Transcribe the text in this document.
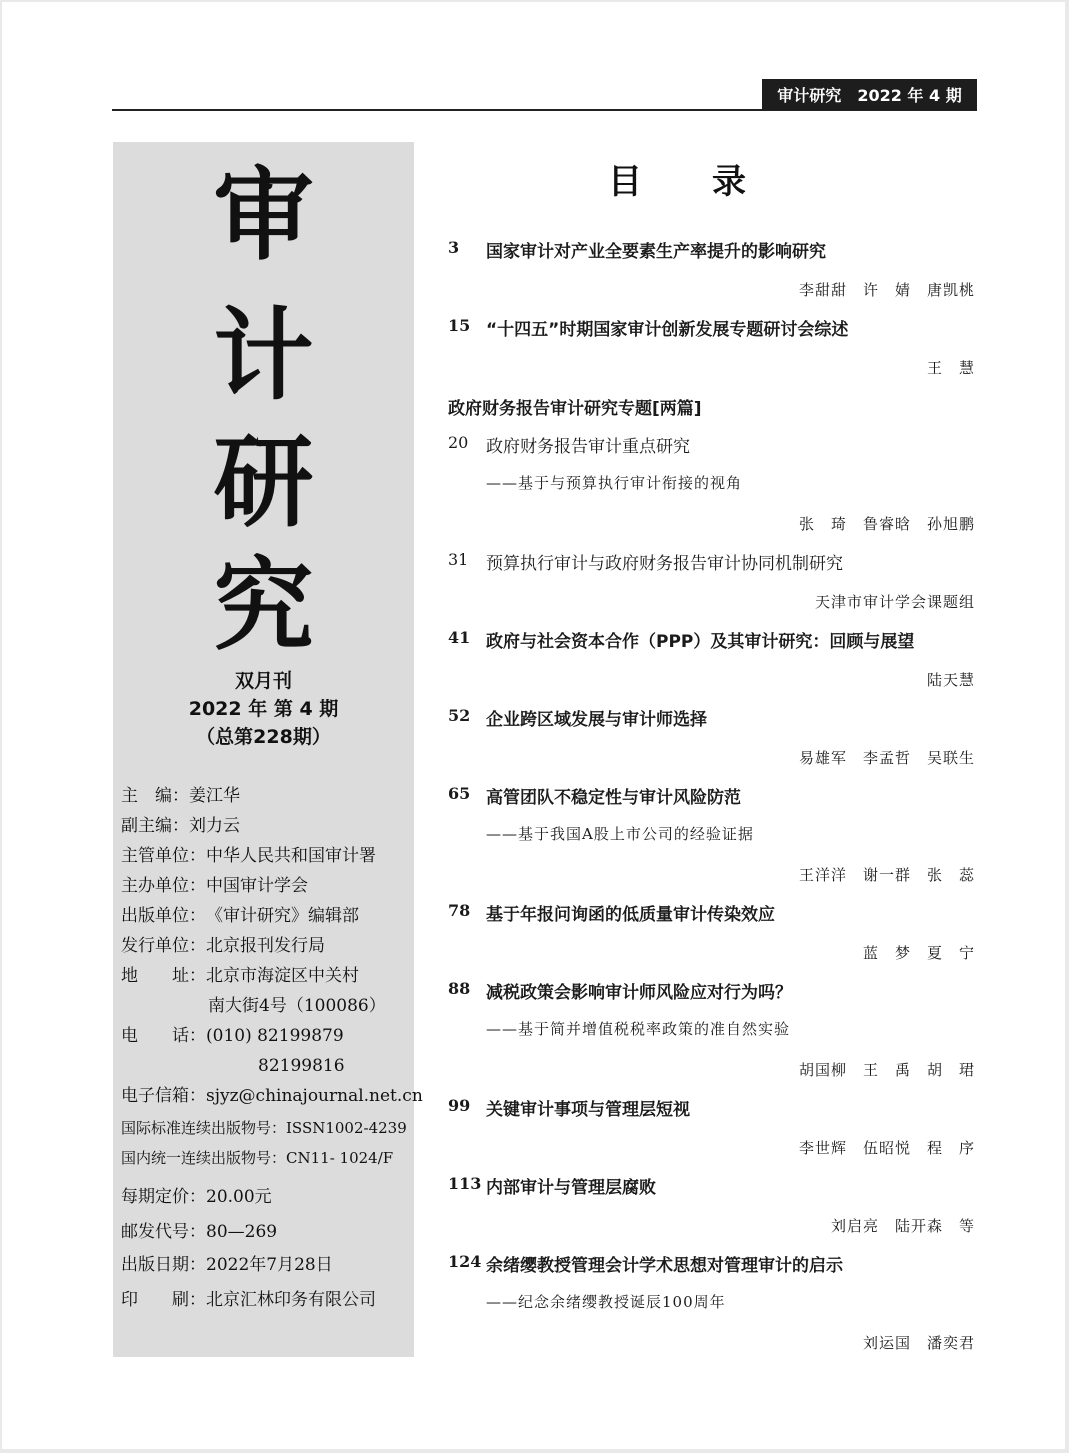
审计研究 2022 年 4 期
审
计
研
究
双月刊
2022 年 第 4 期
（总第228期）
主　编： 姜江华
副主编： 刘力云
主管单位： 中华人民共和国审计署
主办单位： 中国审计学会
出版单位： 《审计研究》编辑部
发行单位： 北京报刊发行局
地　　址： 北京市海淀区中关村
南大街4号（100086）
电　　话： (010) 82199879
82199816
电子信箱： sjyz@chinajournal.net.cn
国际标准连续出版物号：ISSN1002-4239
国内统一连续出版物号：CN11- 1024/F
每期定价： 20.00元
邮发代号： 80—269
出版日期： 2022年7月28日
印　　刷： 北京汇林印务有限公司
目录
3 国家审计对产业全要素生产率提升的影响研究
李甜甜　许　婧　唐凯桃
15 “十四五”时期国家审计创新发展专题研讨会综述
王　慧
政府财务报告审计研究专题[两篇]
20 政府财务报告审计重点研究
——基于与预算执行审计衔接的视角
张　琦　鲁睿晗　孙旭鹏
31 预算执行审计与政府财务报告审计协同机制研究
天津市审计学会课题组
41 政府与社会资本合作（PPP）及其审计研究：回顾与展望
陆天慧
52 企业跨区域发展与审计师选择
易雄军　李孟哲　吴联生
65 高管团队不稳定性与审计风险防范
——基于我国A股上市公司的经验证据
王洋洋　谢一群　张　蕊
78 基于年报问询函的低质量审计传染效应
蓝　梦　夏　宁
88 减税政策会影响审计师风险应对行为吗？
——基于简并增值税税率政策的准自然实验
胡国柳　王　禹　胡　珺
99 关键审计事项与管理层短视
李世辉　伍昭悦　程　序
113 内部审计与管理层腐败
刘启亮　陆开森　等
124 余绪缨教授管理会计学术思想对管理审计的启示
——纪念余绪缨教授诞辰100周年
刘运国　潘奕君
